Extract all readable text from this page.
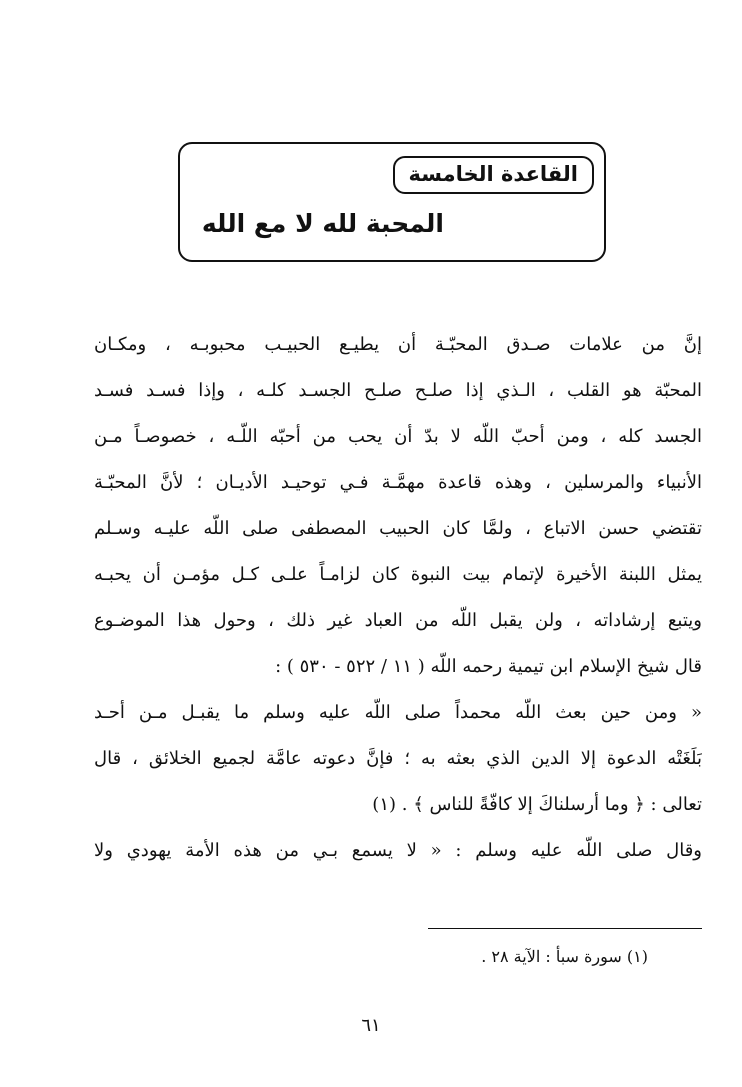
القاعدة الخامسة
المحبة لله لا مع الله
إنَّ من علامات صـدق المحبّـة أن يطيـع الحبيـب محبوبـه ، ومكـان
المحبّة هو القلب ، الـذي إذا صلـح صلـح الجسـد كلـه ، وإذا فسـد فسـد
الجسد كله ، ومن أحبّ اللّه لا بدّ أن يحب من أحبّه اللّـه ، خصوصـاً مـن
الأنبياء والمرسلين ، وهذه قاعدة مهمَّـة فـي توحيـد الأديـان ؛ لأنَّ المحبّـة
تقتضي حسن الاتباع ، ولمَّا كان الحبيب المصطفى صلى اللّه عليـه وسـلم
يمثل اللبنة الأخيرة لإتمام بيت النبوة كان لزامـاً علـى كـل مؤمـن أن يحبـه
ويتبع إرشاداته ، ولن يقبل اللّه من العباد غير ذلك ، وحول هذا الموضـوع
قال شيخ الإسلام ابن تيمية رحمه اللّه ( ١١ / ٥٢٢ - ٥٣٠ ) :
« ومن حين بعث اللّه محمداً صلى اللّه عليه وسلم ما يقبـل مـن أحـد
بَلَغَتْه الدعوة إلا الدين الذي بعثه به ؛ فإنَّ دعوته عامَّة لجميع الخلائق ، قال
تعالى : ﴿ وما أرسلناكَ إلا كافّةً للناس ﴾ . (١)
وقال صلى اللّه عليه وسلم : « لا يسمع بـي من هذه الأمة يهودي ولا
(١) سورة سبأ : الآية ٢٨ .
٦١
